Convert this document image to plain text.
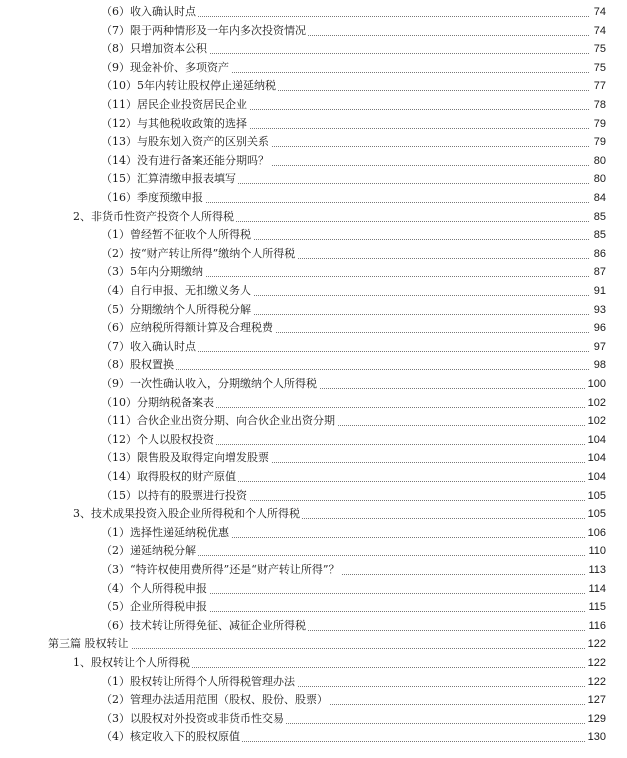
（6）收入确认时点	74
（7）限于两种情形及一年内多次投资情况	74
（8）只增加资本公积	75
（9）现金补价、多项资产	75
（10）5年内转让股权停止递延纳税	77
（11）居民企业投资居民企业	78
（12）与其他税收政策的选择	79
（13）与股东划入资产的区别关系	79
（14）没有进行备案还能分期吗？	80
（15）汇算清缴申报表填写	80
（16）季度预缴申报	84
2、非货币性资产投资个人所得税	85
（1）曾经暂不征收个人所得税	85
（2）按“财产转让所得”缴纳个人所得税	86
（3）5年内分期缴纳	87
（4）自行申报、无扣缴义务人	91
（5）分期缴纳个人所得税分解	93
（6）应纳税所得额计算及合理税费	96
（7）收入确认时点	97
（8）股权置换	98
（9）一次性确认收入，分期缴纳个人所得税	100
（10）分期纳税备案表	102
（11）合伙企业出资分期、向合伙企业出资分期	102
（12）个人以股权投资	104
（13）限售股及取得定向增发股票	104
（14）取得股权的财产原值	104
（15）以持有的股票进行投资	105
3、技术成果投资入股企业所得税和个人所得税	105
（1）选择性递延纳税优惠	106
（2）递延纳税分解	110
（3）“特许权使用费所得”还是“财产转让所得”？	113
（4）个人所得税申报	114
（5）企业所得税申报	115
（6）技术转让所得免征、减征企业所得税	116
第三篇 股权转让	122
1、股权转让个人所得税	122
（1）股权转让所得个人所得税管理办法	122
（2）管理办法适用范围（股权、股份、股票）	127
（3）以股权对外投资或非货币性交易	129
（4）核定收入下的股权原值	130
